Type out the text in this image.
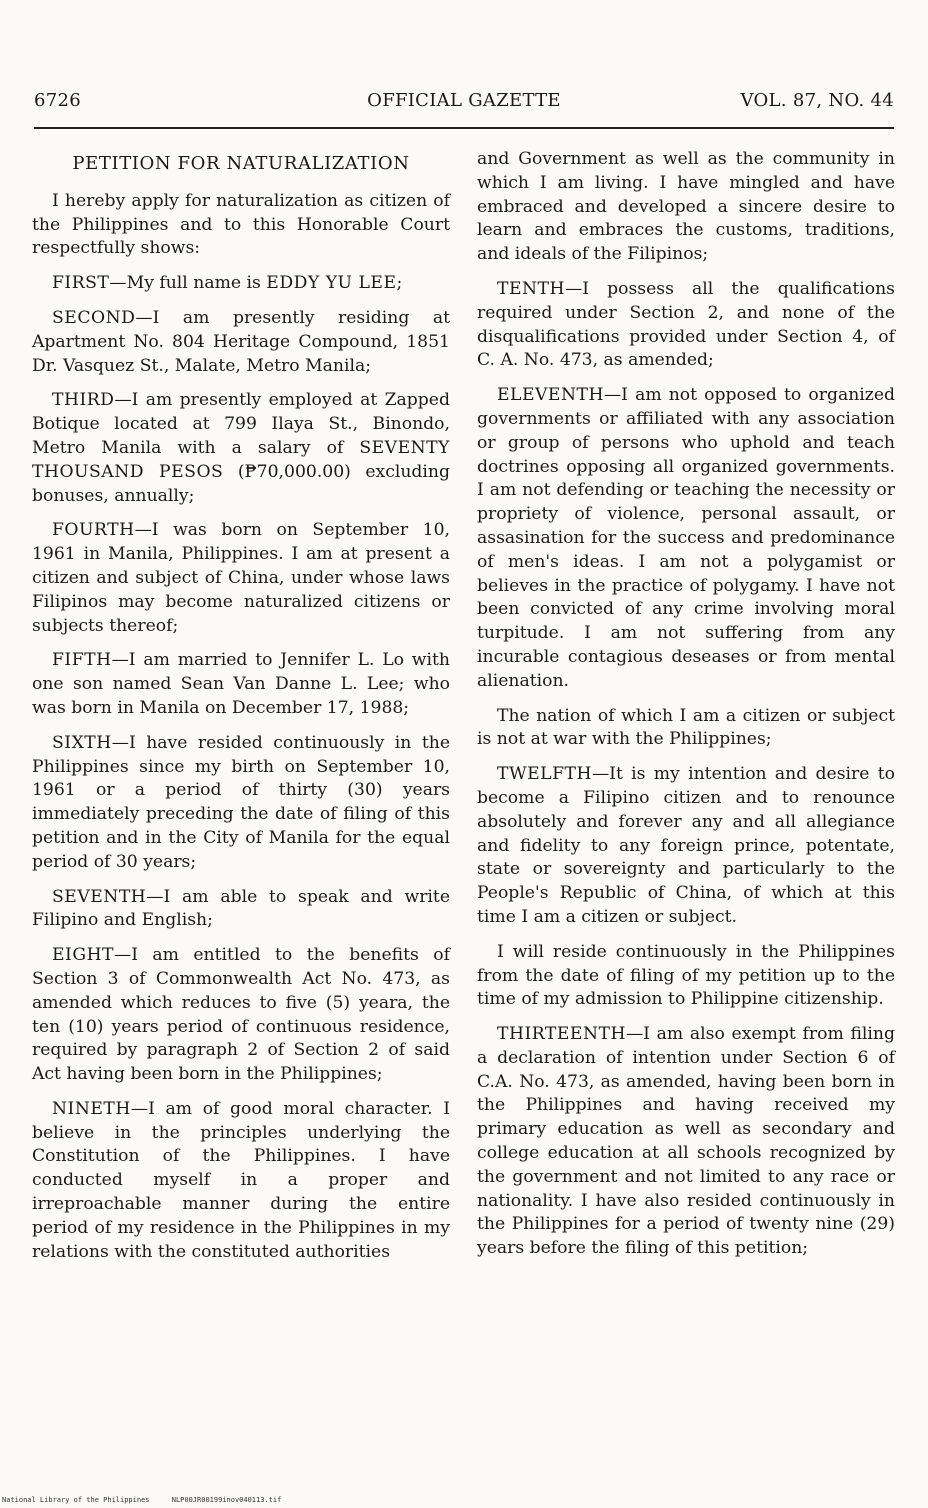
6726	OFFICIAL GAZETTE	VOL. 87, NO. 44
PETITION FOR NATURALIZATION

I hereby apply for naturalization as citizen of the Philippines and to this Honorable Court respectfully shows:

FIRST—My full name is EDDY YU LEE;

SECOND—I am presently residing at Apartment No. 804 Heritage Compound, 1851 Dr. Vasquez St., Malate, Metro Manila;

THIRD—I am presently employed at Zapped Botique located at 799 Ilaya St., Binondo, Metro Manila with a salary of SEVENTY THOUSAND PESOS (₱70,000.00) excluding bonuses, annually;

FOURTH—I was born on September 10, 1961 in Manila, Philippines. I am at present a citizen and subject of China, under whose laws Filipinos may become naturalized citizens or subjects thereof;

FIFTH—I am married to Jennifer L. Lo with one son named Sean Van Danne L. Lee; who was born in Manila on December 17, 1988;

SIXTH—I have resided continuously in the Philippines since my birth on September 10, 1961 or a period of thirty (30) years immediately preceding the date of filing of this petition and in the City of Manila for the equal period of 30 years;

SEVENTH—I am able to speak and write Filipino and English;

EIGHT—I am entitled to the benefits of Section 3 of Commonwealth Act No. 473, as amended which reduces to five (5) yeara, the ten (10) years period of continuous residence, required by paragraph 2 of Section 2 of said Act having been born in the Philippines;

NINETH—I am of good moral character. I believe in the principles underlying the Constitution of the Philippines. I have conducted myself in a proper and irreproachable manner during the entire period of my residence in the Philippines in my relations with the constituted authorities

and Government as well as the community in which I am living. I have mingled and have embraced and developed a sincere desire to learn and embraces the customs, traditions, and ideals of the Filipinos;

TENTH—I possess all the qualifications required under Section 2, and none of the disqualifications provided under Section 4, of C. A. No. 473, as amended;

ELEVENTH—I am not opposed to organized governments or affiliated with any association or group of persons who uphold and teach doctrines opposing all organized governments. I am not defending or teaching the necessity or propriety of violence, personal assault, or assasination for the success and predominance of men's ideas. I am not a polygamist or believes in the practice of polygamy. I have not been convicted of any crime involving moral turpitude. I am not suffering from any incurable contagious deseases or from mental alienation.

The nation of which I am a citizen or subject is not at war with the Philippines;

TWELFTH—It is my intention and desire to become a Filipino citizen and to renounce absolutely and forever any and all allegiance and fidelity to any foreign prince, potentate, state or sovereignty and particularly to the People's Republic of China, of which at this time I am a citizen or subject.

I will reside continuously in the Philippines from the date of filing of my petition up to the time of my admission to Philippine citizenship.

THIRTEENTH—I am also exempt from filing a declaration of intention under Section 6 of C.A. No. 473, as amended, having been born in the Philippines and having received my primary education as well as secondary and college education at all schools recognized by the government and not limited to any race or nationality. I have also resided continuously in the Philippines for a period of twenty nine (29) years before the filing of this petition;

National Library of the Philippines	NLP00JR00199inov040113.tif
